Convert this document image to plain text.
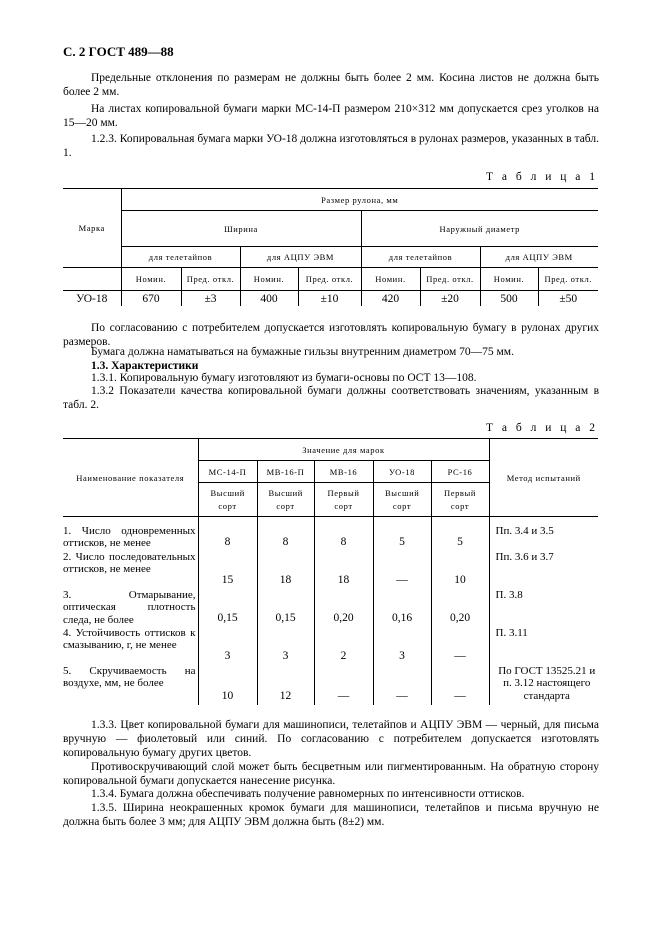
С. 2 ГОСТ 489—88
Предельные отклонения по размерам не должны быть более 2 мм. Косина листов не должна быть более 2 мм.
На листах копировальной бумаги марки МС-14-П размером 210×312 мм допускается срез уголков на 15—20 мм.
1.2.3. Копировальная бумага марки УО-18 должна изготовляться в рулонах размеров, указанных в табл. 1.
Т а б л и ц а 1
Марка	Размер рулона, мм							
	Ширина				Наружный диаметр			
	для телетайпов		для АЦПУ ЭВМ		для телетайпов		для АЦПУ ЭВМ	
	Номин.	Пред. откл.	Номин.	Пред. откл.	Номин.	Пред. откл.	Номин.	Пред. откл.
УО-18	670	±3	400	±10	420	±20	500	±50
По согласованию с потребителем допускается изготовлять копировальную бумагу в рулонах других размеров.
Бумага должна наматываться на бумажные гильзы внутренним диаметром 70—75 мм.
1.3. Характеристики
1.3.1. Копировальную бумагу изготовляют из бумаги-основы по ОСТ 13—108.
1.3.2 Показатели качества копировальной бумаги должны соответствовать значениям, указанным в табл. 2.
Т а б л и ц а 2
Наименование показателя	Значение для марок					Метод испытаний
	МС-14-П	МВ-16-П	МВ-16	УО-18	РС-16	

	Высший сорт	Высший сорт	Первый сорт	Высший сорт	Первый сорт	

1. Число одновременных оттисков, не менее	8	8	8	5	5	Пп. 3.4 и 3.5
2. Число последовательных оттисков, не менее	15	18	18	—	10	Пп. 3.6 и 3.7
3. Отмарывание, оптическая плотность следа, не более	0,15	0,15	0,20	0,16	0,20	П. 3.8
4. Устойчивость оттисков к смазыванию, г, не менее	3	3	2	3	—	П. 3.11
5. Скручиваемость на воздухе, мм, не более	10	12	—	—	—	По ГОСТ 13525.21 и п. 3.12 настоящего стандарта
1.3.3. Цвет копировальной бумаги для машинописи, телетайпов и АЦПУ ЭВМ — черный, для письма вручную — фиолетовый или синий. По согласованию с потребителем допускается изготовлять копировальную бумагу других цветов.
Противоскручивающий слой может быть бесцветным или пигментированным. На обратную сторону копировальной бумаги допускается нанесение рисунка.
1.3.4. Бумага должна обеспечивать получение равномерных по интенсивности оттисков.
1.3.5. Ширина неокрашенных кромок бумаги для машинописи, телетайпов и письма вручную не должна быть более 3 мм; для АЦПУ ЭВМ должна быть (8±2) мм.
